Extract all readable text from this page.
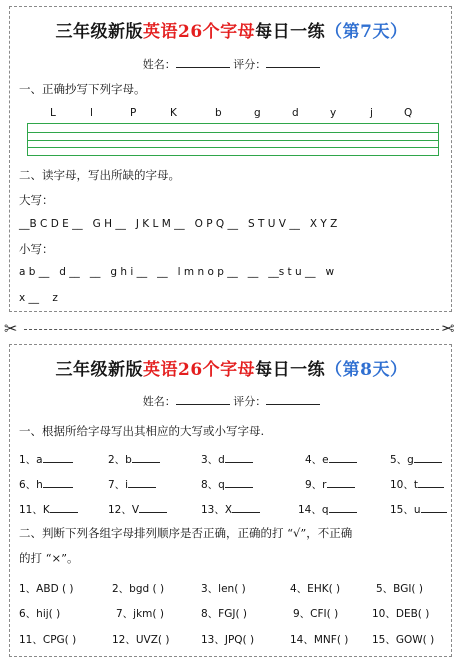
三年级新版英语26个字母每日一练（第7天）
姓名：	评分：
一、正确抄写下列字母。
L	l	P	K	b	g	d	y	j	Q
二、读字母，写出所缺的字母。
大写：
__B C D E __ G H __ J K L M __ O P Q __ S T U V __ X Y Z
小写：
a b __ d __ __ g h i __ __ l m n o p __ __ __s t u __ w
x __ z
✂	✂
三年级新版英语26个字母每日一练（第8天）
姓名：	评分：
一、根据所给字母写出其相应的大写或小写字母.
1、a	2、b	3、d	4、e	5、g
6、h	7、i	8、q	9、r	10、t
11、K	12、V	13、X	14、q	15、u
二、判断下列各组字母排列顺序是否正确，正确的打 “√”，不正确
的打 “×”。
1、ABD ( )	2、bgd ( )	3、len( )	4、EHK( )	5、BGI( )
6、hij( )	7、jkm( )	8、FGJ( )	9、CFI( )	10、DEB( )
11、CPG( )	12、UVZ( )	13、JPQ( )	14、MNF( ) 15、GOW( )
